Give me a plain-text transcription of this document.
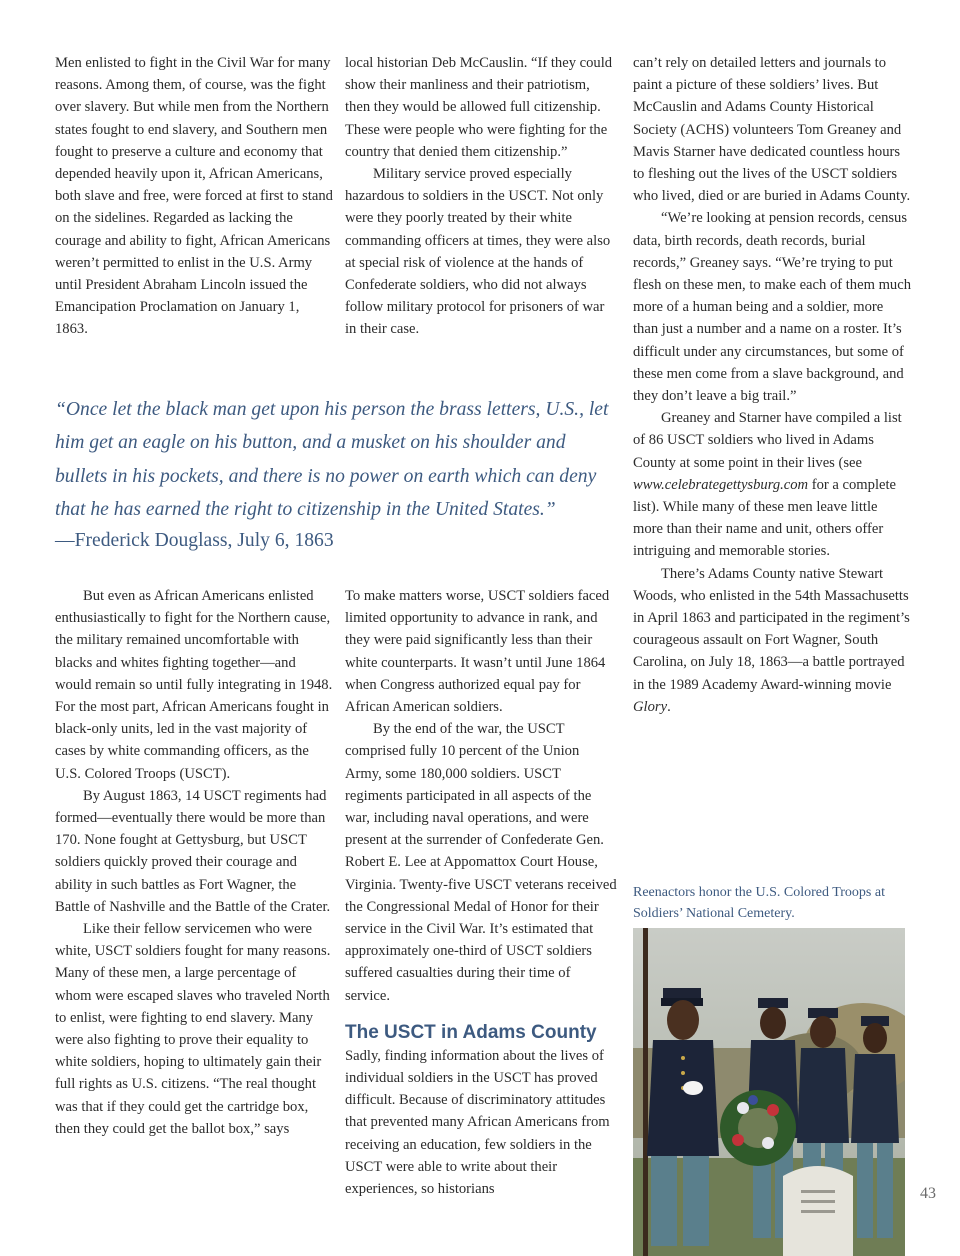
Men enlisted to fight in the Civil War for many reasons. Among them, of course, was the fight over slavery. But while men from the Northern states fought to end slavery, and Southern men fought to preserve a culture and economy that depended heavily upon it, African Americans, both slave and free, were forced at first to stand on the sidelines. Regarded as lacking the courage and ability to fight, African Americans weren’t permitted to enlist in the U.S. Army until President Abraham Lincoln issued the Emancipation Proclamation on January 1, 1863.

local historian Deb McCauslin. “If they could show their manliness and their patriotism, then they would be allowed full citizenship. These were people who were fighting for the country that denied them citizenship.”

Military service proved especially hazardous to soldiers in the USCT. Not only were they poorly treated by their white commanding officers at times, they were also at special risk of violence at the hands of Confederate soldiers, who did not always follow military protocol for prisoners of war in their case.

can’t rely on detailed letters and journals to paint a picture of these soldiers’ lives. But McCauslin and Adams County Historical Society (ACHS) volunteers Tom Greaney and Mavis Starner have dedicated countless hours to fleshing out the lives of the USCT soldiers who lived, died or are buried in Adams County.

“We’re looking at pension records, census data, birth records, death records, burial records,” Greaney says. “We’re trying to put flesh on these men, to make each of them much more of a human being and a soldier, more than just a number and a name on a roster. It’s difficult under any circumstances, but some of these men come from a slave background, and they don’t leave a big trail.”

Greaney and Starner have compiled a list of 86 USCT soldiers who lived in Adams County at some point in their lives (see www.celebrategettysburg.com for a complete list). While many of these men leave little more than their name and unit, others offer intriguing and memorable stories.

There’s Adams County native Stewart Woods, who enlisted in the 54th Massachusetts in April 1863 and participated in the regiment’s courageous assault on Fort Wagner, South Carolina, on July 18, 1863—a battle portrayed in the 1989 Academy Award-winning movie Glory.

“Once let the black man get upon his person the brass letters, U.S., let him get an eagle on his button, and a musket on his shoulder and bullets in his pockets, and there is no power on earth which can deny that he has earned the right to citizenship in the United States.”
—Frederick Douglass, July 6, 1863

But even as African Americans enlisted enthusiastically to fight for the Northern cause, the military remained uncomfortable with blacks and whites fighting together—and would remain so until fully integrating in 1948. For the most part, African Americans fought in black-only units, led in the vast majority of cases by white commanding officers, as the U.S. Colored Troops (USCT).

By August 1863, 14 USCT regiments had formed—eventually there would be more than 170. None fought at Gettysburg, but USCT soldiers quickly proved their courage and ability in such battles as Fort Wagner, the Battle of Nashville and the Battle of the Crater.

Like their fellow servicemen who were white, USCT soldiers fought for many reasons. Many of these men, a large percentage of whom were escaped slaves who traveled North to enlist, were fighting to end slavery. Many were also fighting to prove their equality to white soldiers, hoping to ultimately gain their full rights as U.S. citizens. “The real thought was that if they could get the cartridge box, then they could get the ballot box,” says

To make matters worse, USCT soldiers faced limited opportunity to advance in rank, and they were paid significantly less than their white counterparts. It wasn’t until June 1864 when Congress authorized equal pay for African American soldiers.

By the end of the war, the USCT comprised fully 10 percent of the Union Army, some 180,000 soldiers. USCT regiments participated in all aspects of the war, including naval operations, and were present at the surrender of Confederate Gen. Robert E. Lee at Appomattox Court House, Virginia. Twenty-five USCT veterans received the Congressional Medal of Honor for their service in the Civil War. It’s estimated that approximately one-third of USCT soldiers suffered casualties during their time of service.

The USCT in Adams County

Sadly, finding information about the lives of individual soldiers in the USCT has proved difficult. Because of discriminatory attitudes that prevented many African Americans from receiving an education, few soldiers in the USCT were able to write about their experiences, so historians

Reenactors honor the U.S. Colored Troops at Soldiers’ National Cemetery.
43
